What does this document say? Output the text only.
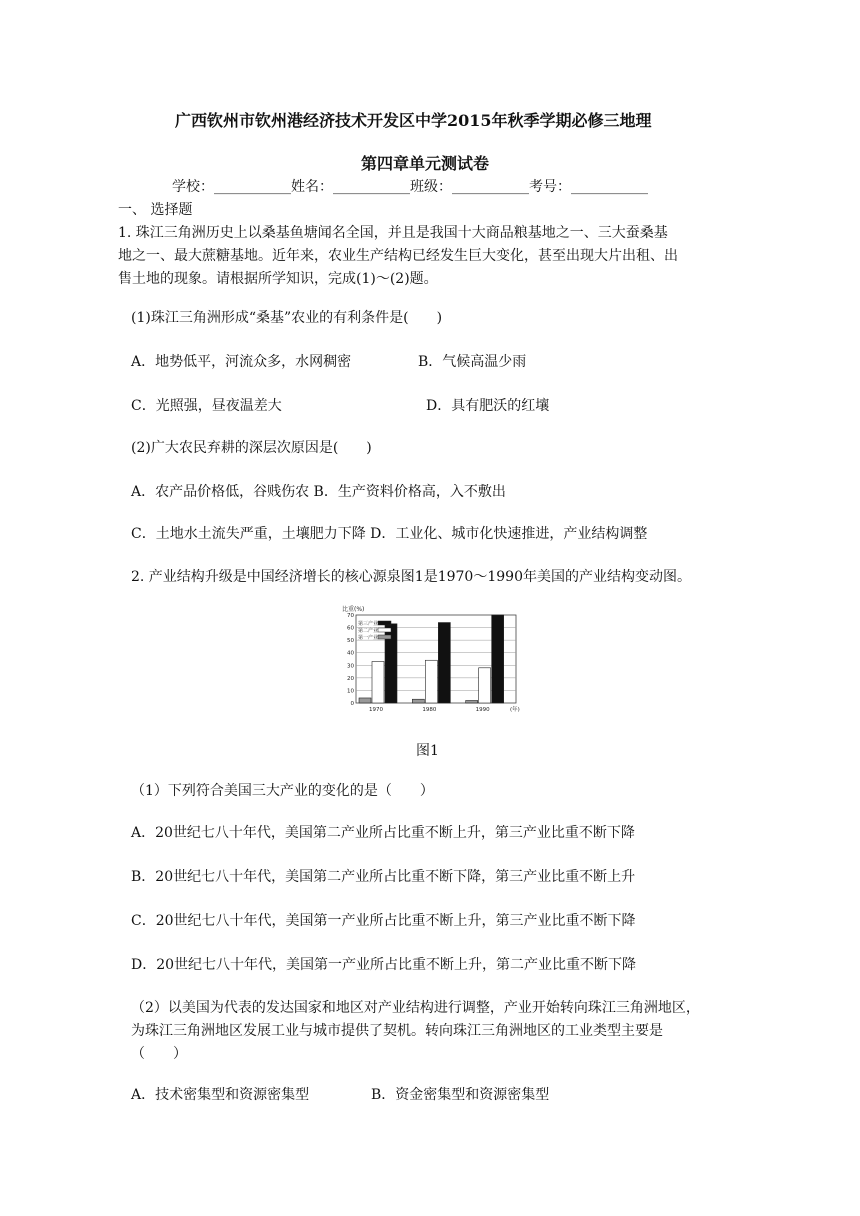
广西钦州市钦州港经济技术开发区中学2015年秋季学期必修三地理
第四章单元测试卷
学校：___________姓名：___________班级：___________考号：___________
一、 选择题
1. 珠江三角洲历史上以桑基鱼塘闻名全国，并且是我国十大商品粮基地之一、三大蚕桑基
地之一、最大蔗糖基地。近年来，农业生产结构已经发生巨大变化，甚至出现大片出租、出
售土地的现象。请根据所学知识，完成(1)～(2)题。
(1)珠江三角洲形成“桑基”农业的有利条件是(　　)
A．地势低平，河流众多，水网稠密	B．气候高温少雨
C．光照强，昼夜温差大	D．具有肥沃的红壤
(2)广大农民弃耕的深层次原因是(　　)
A．农产品价格低，谷贱伤农 B．生产资料价格高，入不敷出
C．土地水土流失严重，土壤肥力下降 D．工业化、城市化快速推进，产业结构调整
2. 产业结构升级是中国经济增长的核心源泉图1是1970～1990年美国的产业结构变动图。
比重(%)
0
10
20
30
40
50
60
70
1970	1980	1990	(年)
第三产业
第二产业
第一产业
图1
（1）下列符合美国三大产业的变化的是（　　）
A．20世纪七八十年代，美国第二产业所占比重不断上升，第三产业比重不断下降
B．20世纪七八十年代，美国第二产业所占比重不断下降，第三产业比重不断上升
C．20世纪七八十年代，美国第一产业所占比重不断上升，第三产业比重不断下降
D．20世纪七八十年代，美国第一产业所占比重不断上升，第二产业比重不断下降
（2）以美国为代表的发达国家和地区对产业结构进行调整，产业开始转向珠江三角洲地区，
为珠江三角洲地区发展工业与城市提供了契机。转向珠江三角洲地区的工业类型主要是
（　　）
A．技术密集型和资源密集型	B．资金密集型和资源密集型
